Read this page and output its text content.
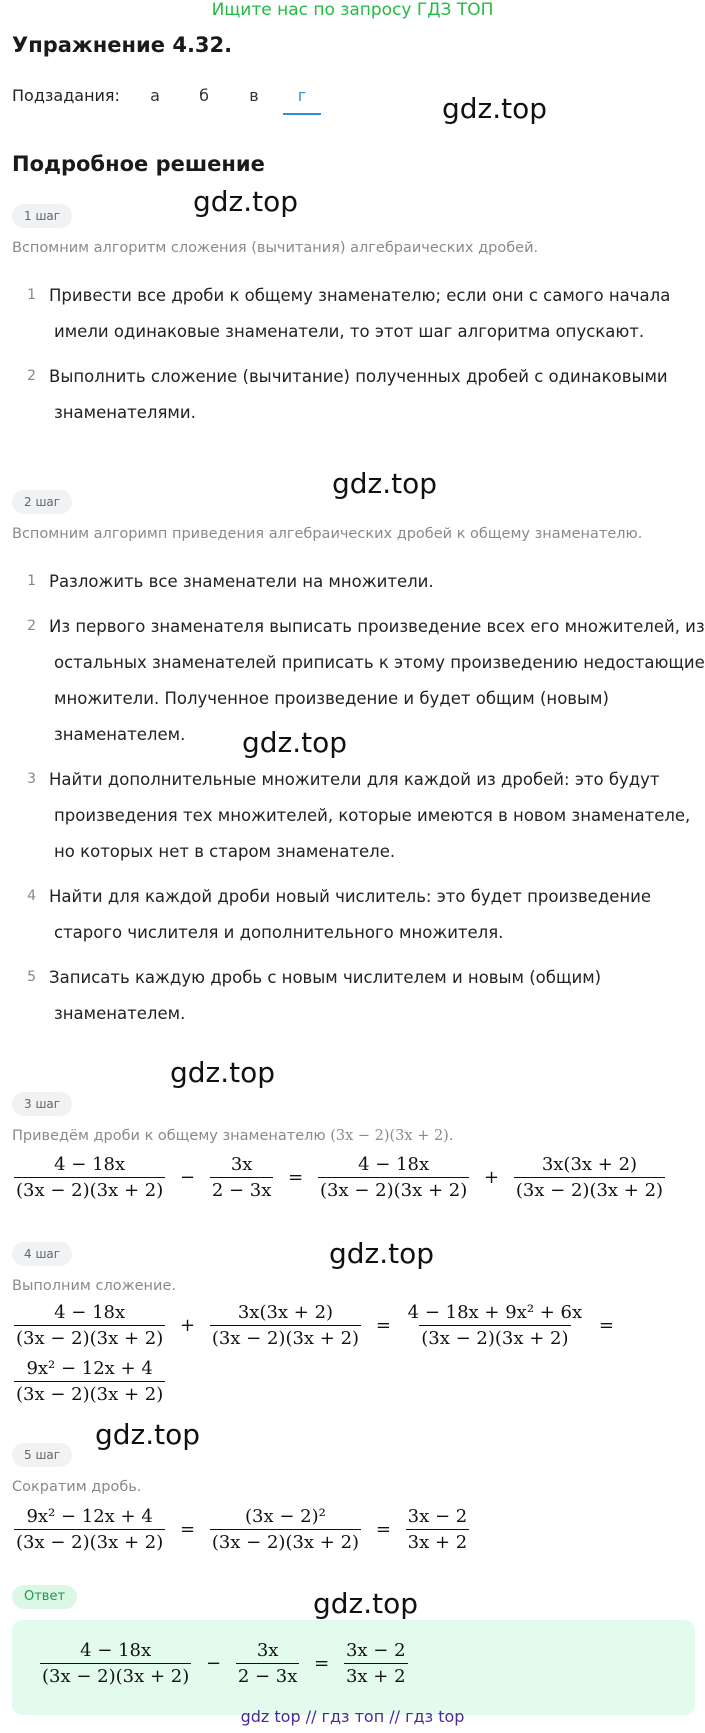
Ищите нас по запросу ГДЗ ТОП
Упражнение 4.32.
Подзадания:	а	б	в	г	gdz.top
gdz.top
gdz.top
gdz.top
gdz.top
gdz.top
gdz.top
gdz.top
Подробное решение
1 шаг
Вспомним алгоритм сложения (вычитания) алгебраических дробей.
1 Привести все дроби к общему знаменателю; если они с самого начала
имели одинаковые знаменатели, то этот шаг алгоритма опускают.
2 Выполнить сложение (вычитание) полученных дробей с одинаковыми
знаменателями.
2 шаг
Вспомним алгоримп приведения алгебраических дробей к общему знаменателю.
1 Разложить все знаменатели на множители.
2 Из первого знаменателя выписать произведение всех его множителей, из
остальных знаменателей приписать к этому произведению недостающие
множители. Полученное произведение и будет общим (новым)
знаменателем.
3 Найти дополнительные множители для каждой из дробей: это будут
произведения тех множителей, которые имеются в новом знаменателе,
но которых нет в старом знаменателе.
4 Найти для каждой дроби новый числитель: это будет произведение
старого числителя и дополнительного множителя.
5 Записать каждую дробь с новым числителем и новым (общим)
знаменателем.
3 шаг
Приведём дроби к общему знаменателю (3x − 2)(3x + 2).
$\frac{4 - 18x}{(3x - 2)(3x + 2)} - \frac{3x}{2 - 3x} = \frac{4 - 18x}{(3x - 2)(3x + 2)} + \frac{3x(3x + 2)}{(3x - 2)(3x + 2)}$
4 шаг
Выполним сложение.
$\frac{4 - 18x}{(3x - 2)(3x + 2)} + \frac{3x(3x + 2)}{(3x - 2)(3x + 2)} = \frac{\text{4 − 18x + 9x² + 6x}}{(3x - 2)(3x + 2)}$ =
$\frac{\text{9x² − 12x + 4}}{(3x - 2)(3x + 2)}$
5 шаг
Сократим дробь.
$\frac{\text{9x² − 12x + 4}}{(3x - 2)(3x + 2)} = \frac{\text{(3x − 2)²}}{(3x - 2)(3x + 2)} = \frac{3x - 2}{3x + 2}$
Ответ
$\frac{4 - 18x}{(3x - 2)(3x + 2)} - \frac{3x}{2 - 3x} = \frac{3x - 2}{3x + 2}$
gdz top // гдз топ // гдз top
